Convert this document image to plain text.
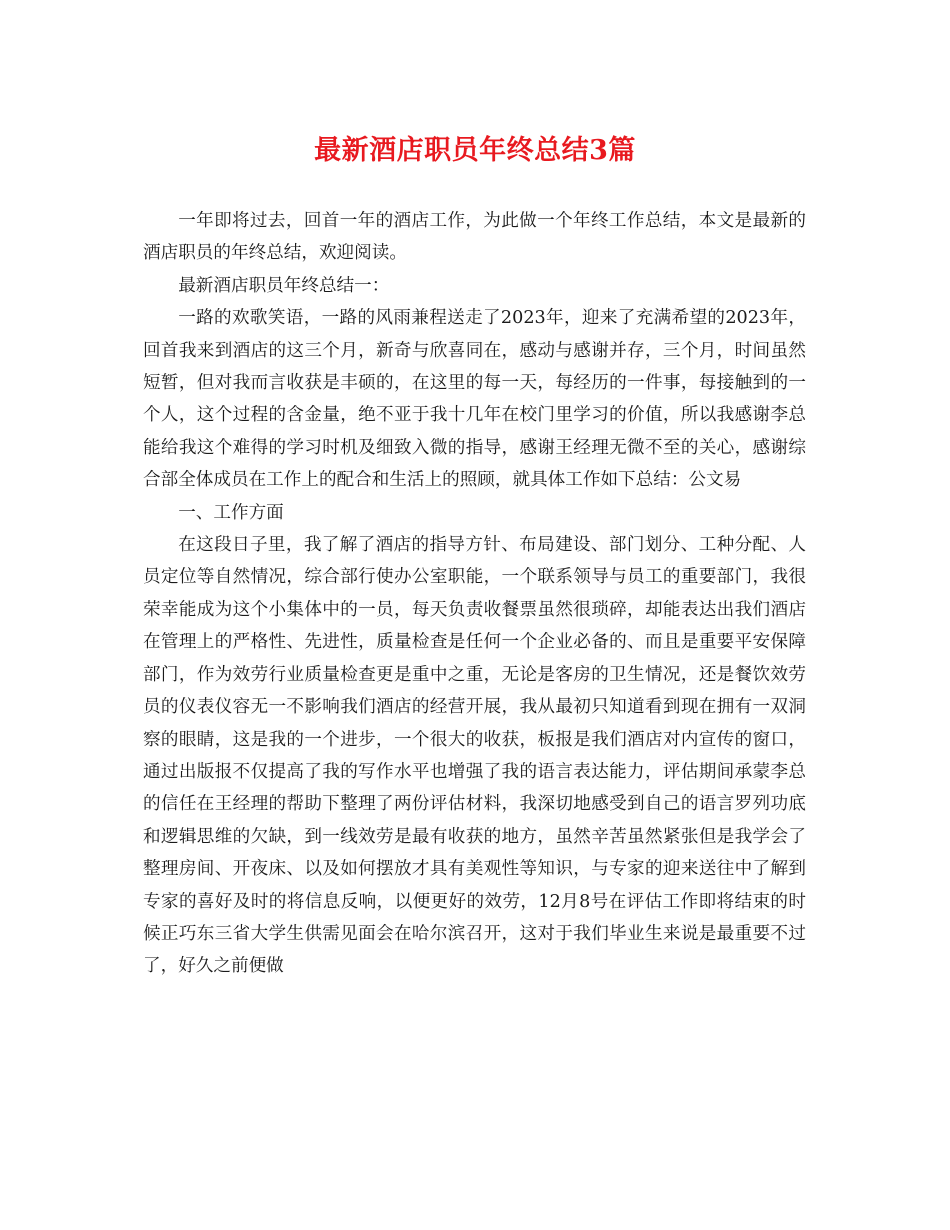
最新酒店职员年终总结3篇

一年即将过去，回首一年的酒店工作，为此做一个年终工作总结，本文是最新的酒店职员的年终总结，欢迎阅读。

最新酒店职员年终总结一：

一路的欢歌笑语，一路的风雨兼程送走了2023年，迎来了充满希望的2023年，回首我来到酒店的这三个月，新奇与欣喜同在，感动与感谢并存，三个月，时间虽然短暂，但对我而言收获是丰硕的，在这里的每一天，每经历的一件事，每接触到的一个人，这个过程的含金量，绝不亚于我十几年在校门里学习的价值，所以我感谢李总能给我这个难得的学习时机及细致入微的指导，感谢王经理无微不至的关心，感谢综合部全体成员在工作上的配合和生活上的照顾，就具体工作如下总结：公文易

一、工作方面

在这段日子里，我了解了酒店的指导方针、布局建设、部门划分、工种分配、人员定位等自然情况，综合部行使办公室职能，一个联系领导与员工的重要部门，我很荣幸能成为这个小集体中的一员，每天负责收餐票虽然很琐碎，却能表达出我们酒店在管理上的严格性、先进性，质量检查是任何一个企业必备的、而且是重要平安保障部门，作为效劳行业质量检查更是重中之重，无论是客房的卫生情况，还是餐饮效劳员的仪表仪容无一不影响我们酒店的经营开展，我从最初只知道看到现在拥有一双洞察的眼睛，这是我的一个进步，一个很大的收获，板报是我们酒店对内宣传的窗口，通过出版报不仅提高了我的写作水平也增强了我的语言表达能力，评估期间承蒙李总的信任在王经理的帮助下整理了两份评估材料，我深切地感受到自己的语言罗列功底和逻辑思维的欠缺，到一线效劳是最有收获的地方，虽然辛苦虽然紧张但是我学会了整理房间、开夜床、以及如何摆放才具有美观性等知识，与专家的迎来送往中了解到专家的喜好及时的将信息反响，以便更好的效劳，12月8号在评估工作即将结束的时候正巧东三省大学生供需见面会在哈尔滨召开，这对于我们毕业生来说是最重要不过了，好久之前便做
